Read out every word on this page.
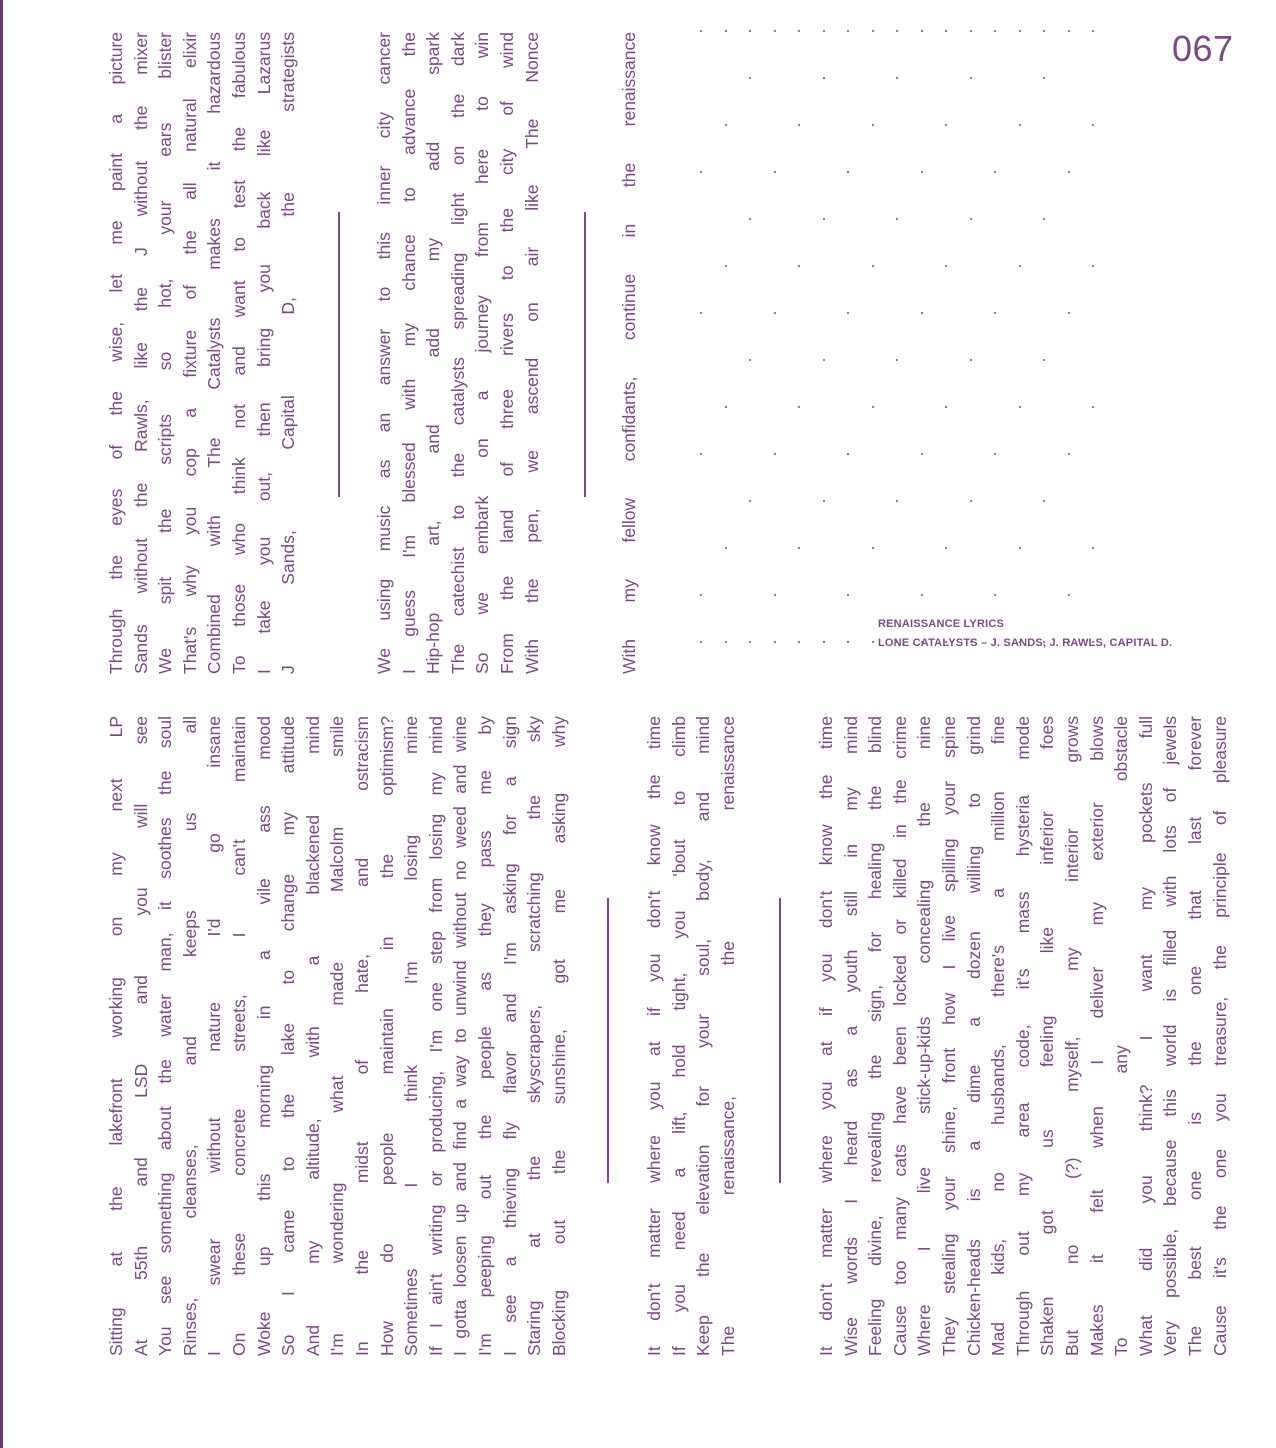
067
Through the eyes of the wise, let me paint a picture Sands without the Rawls, like the J without the mixer We spit the scripts so hot, your ears blister That's why you cop a fixture of the all natural elixir Combined with The Catalysts makes it hazardous To those who think not and want to test the fabulous I take you out, then bring you back like Lazarus J Sands, Capital D, the strategists	We using music as an answer to this inner city cancer I guess I'm blessed with my chance to advance the Hip-hop art, and add my add spark The catechist to the catalysts spreading light on the dark So we embark on a journey from here to win From the land of three rivers to the city of wind With the pen, we ascend on air like The Nonce	With my fellow confidants, continue in the renaissance	RENAISSANCE LYRICS
LONE CATALYSTS – J. SANDS, J. RAWLS, CAPITAL D.
Sitting at the lakefront working on my next LP At 55th and LSD and you will see You see something about the water man, it soothes the soul Rinses, cleanses, and keeps us all I swear without nature I'd go insane On these concrete streets, I can't maintain Woke up this morning in a vile ass mood So I came to the lake to change my attitude And my altitude, with a blackened mind I'm wondering what made Malcolm smile In the midst of hate, and ostracism How do people maintain in the optimism? Sometimes I think I'm losing mine If I ain't writing or producing, I'm one step from losing my mind I gotta loosen up and find a way to unwind without no weed and wine I'm peeping out the people as they pass me by I see a thieving fly flavor and I'm asking for a sign Staring at the skyscrapers, scratching the sky Blocking out the sunshine, got me asking why	It don't matter where you at if you don't know the time If you need a lift, hold tight, you 'bout to climb Keep the elevation for your soul, body, and mind The renaissance, the renaissance	It don't matter where you at if you don't know the time Wise words I heard as a youth still in my mind Feeling divine, revealing the sign, for healing the blind Cause too many cats have been locked or killed in the crime Where I live stick-up-kids concealing the nine They stealing your shine, front how I live spilling your spine Chicken-heads is a dime a dozen willing to grind Mad kids, no husbands, there's a million fine Through out my area code, it's mass hysteria mode Shaken got us feeling like inferior foes But no (?) myself, my interior grows Makes it felt when I deliver my exterior blows To any obstacle What did you think? I want my pockets full Very possible, because this world is filled with lots of jewels The best one is the one that last forever Cause it's the one you treasure, the principle of pleasure
